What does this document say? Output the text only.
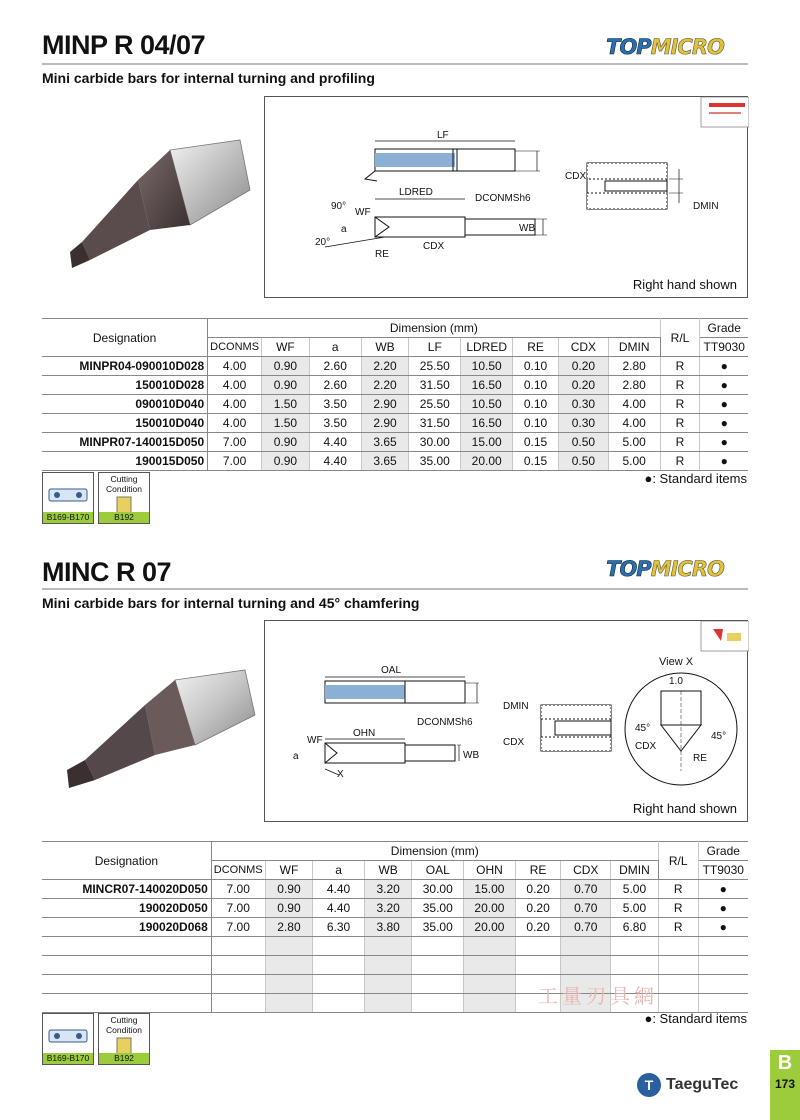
MINP R 04/07	TOP MICRO
Mini carbide bars for internal turning and profiling
LF
DCONMSh6
LDRED
WF
a	WB
RE
CDX
90°
20°
CDX
DMIN
Right hand shown
Designation	Dimension (mm)									R/L	Grade
	DCONMS	WF	a	WB	LF	LDRED	RE	CDX	DMIN		TT9030
MINPR04-090010D028	4.00	0.90	2.60	2.20	25.50	10.50	0.10	0.20	2.80	R	●
150010D028	4.00	0.90	2.60	2.20	31.50	16.50	0.10	0.20	2.80	R	●
090010D040	4.00	1.50	3.50	2.90	25.50	10.50	0.10	0.30	4.00	R	●
150010D040	4.00	1.50	3.50	2.90	31.50	16.50	0.10	0.30	4.00	R	●
MINPR07-140015D050	7.00	0.90	4.40	3.65	30.00	15.00	0.15	0.50	5.00	R	●
190015D050	7.00	0.90	4.40	3.65	35.00	20.00	0.15	0.50	5.00	R	●
B169-B170
Cutting Condition
B192
●: Standard items
MINC R 07	TOP MICRO
Mini carbide bars for internal turning and 45° chamfering
OAL
DCONMSh6
OHN
WF
a	WB
X
DMIN
CDX
View X
1.0
45°
45°
CDX
RE
Right hand shown
Designation	Dimension (mm)									R/L	Grade
	DCONMS	WF	a	WB	OAL	OHN	RE	CDX	DMIN		TT9030
MINCR07-140020D050	7.00	0.90	4.40	3.20	30.00	15.00	0.20	0.70	5.00	R	●
190020D050	7.00	0.90	4.40	3.20	35.00	20.00	0.20	0.70	5.00	R	●
190020D068	7.00	2.80	6.30	3.80	35.00	20.00	0.20	0.70	6.80	R	●

工量刃具網
B169-B170
Cutting Condition
B192
●: Standard items
T TaeguTec
B
173
